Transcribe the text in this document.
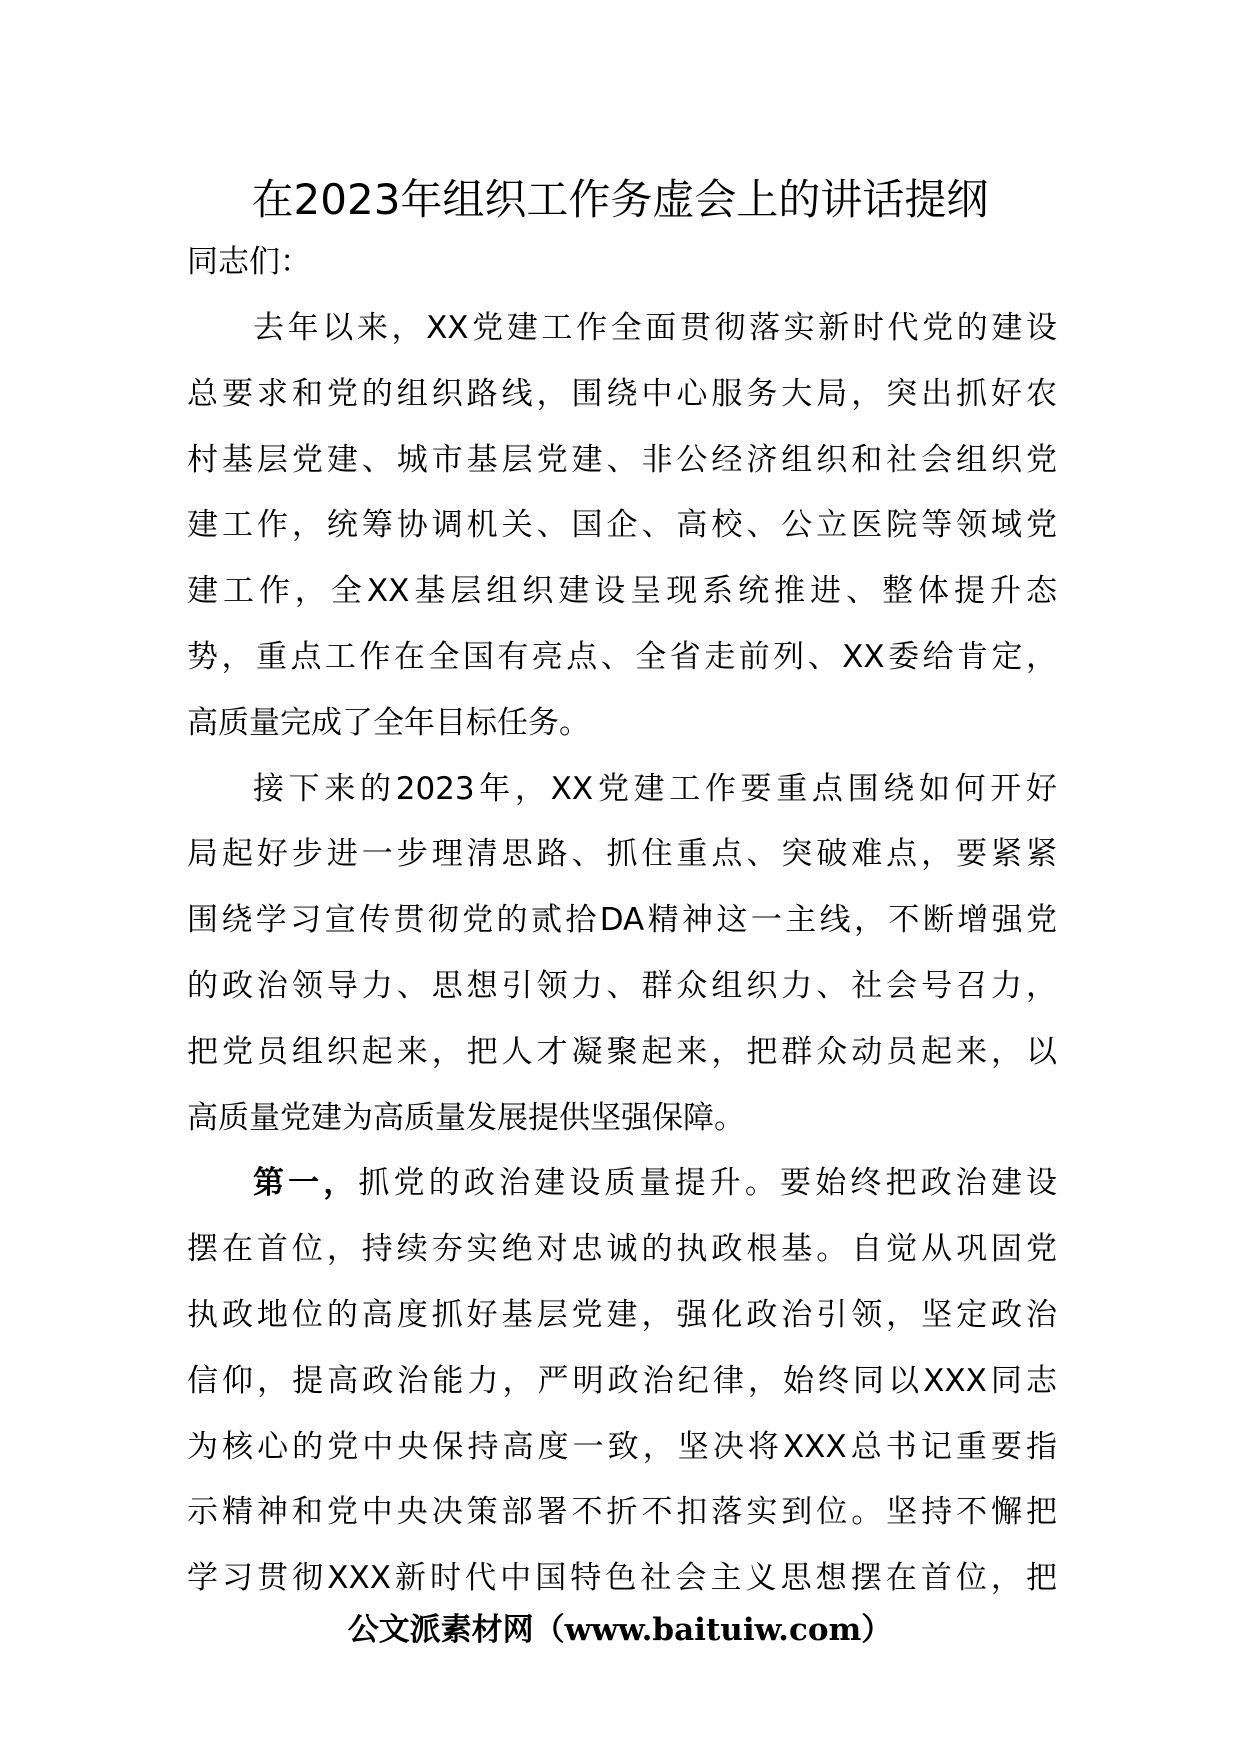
在2023年组织工作务虚会上的讲话提纲

同志们：

去年以来，XX党建工作全面贯彻落实新时代党的建设
总要求和党的组织路线，围绕中心服务大局，突出抓好农
村基层党建、城市基层党建、非公经济组织和社会组织党
建工作，统筹协调机关、国企、高校、公立医院等领域党
建工作，全XX基层组织建设呈现系统推进、整体提升态
势，重点工作在全国有亮点、全省走前列、XX委给肯定，
高质量完成了全年目标任务。
接下来的2023年，XX党建工作要重点围绕如何开好
局起好步进一步理清思路、抓住重点、突破难点，要紧紧
围绕学习宣传贯彻党的贰拾DA精神这一主线，不断增强党
的政治领导力、思想引领力、群众组织力、社会号召力，
把党员组织起来，把人才凝聚起来，把群众动员起来，以
高质量党建为高质量发展提供坚强保障。
第一，抓党的政治建设质量提升。要始终把政治建设
摆在首位，持续夯实绝对忠诚的执政根基。自觉从巩固党
执政地位的高度抓好基层党建，强化政治引领，坚定政治
信仰，提高政治能力，严明政治纪律，始终同以XXX同志
为核心的党中央保持高度一致，坚决将XXX总书记重要指
示精神和党中央决策部署不折不扣落实到位。坚持不懈把
学习贯彻XXX新时代中国特色社会主义思想摆在首位，把

公文派素材网（www.baituiw.com）
